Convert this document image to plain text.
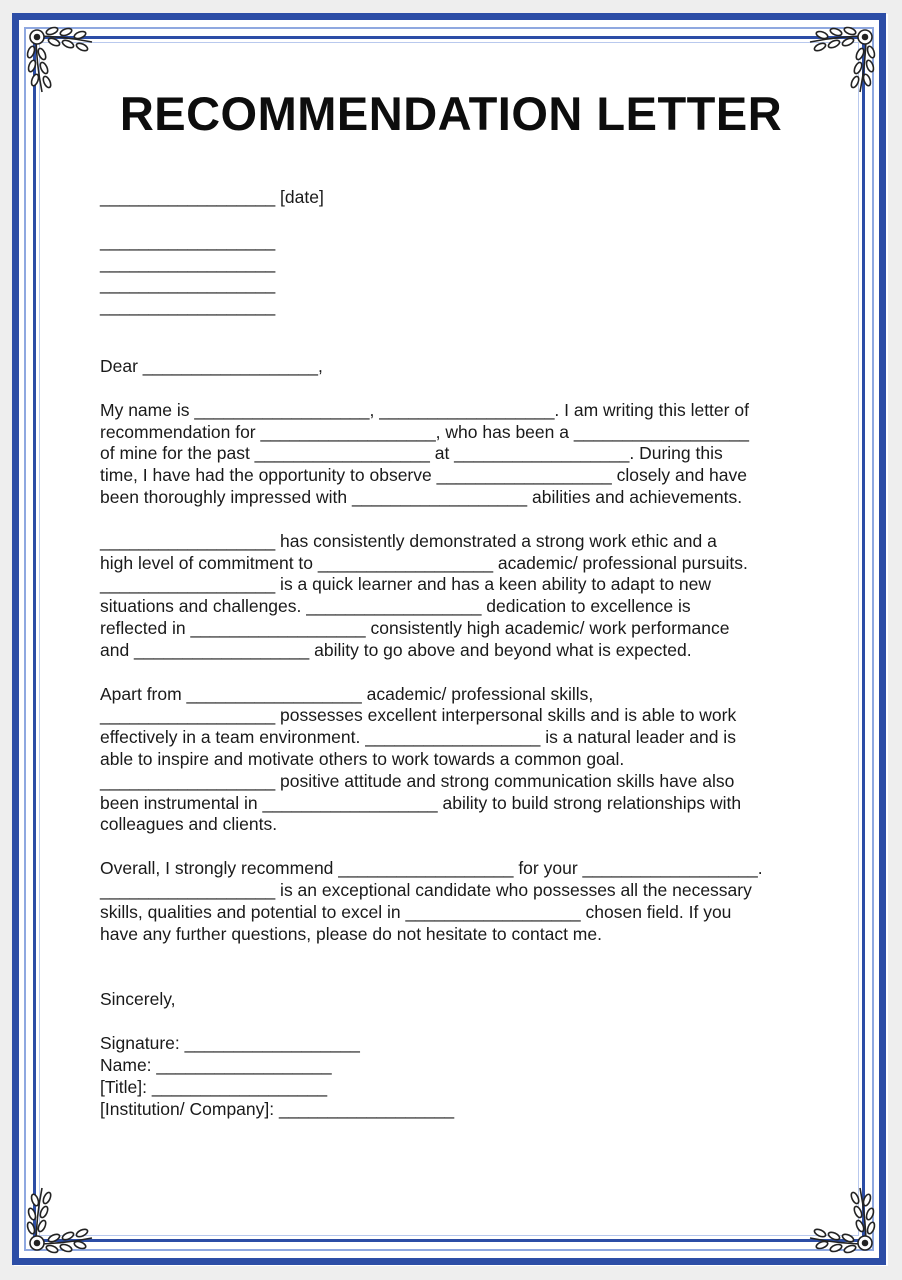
RECOMMENDATION LETTER

__________________ [date]

__________________
__________________
__________________
__________________

Dear __________________,

My name is __________________, __________________. I am writing this letter of
recommendation for __________________, who has been a __________________
of mine for the past __________________ at __________________. During this
time, I have had the opportunity to observe __________________ closely and have
been thoroughly impressed with __________________ abilities and achievements.

__________________ has consistently demonstrated a strong work ethic and a
high level of commitment to __________________ academic/ professional pursuits.
__________________ is a quick learner and has a keen ability to adapt to new
situations and challenges. __________________ dedication to excellence is
reflected in __________________ consistently high academic/ work performance
and __________________ ability to go above and beyond what is expected.

Apart from __________________ academic/ professional skills,
__________________ possesses excellent interpersonal skills and is able to work
effectively in a team environment. __________________ is a natural leader and is
able to inspire and motivate others to work towards a common goal.
__________________ positive attitude and strong communication skills have also
been instrumental in __________________ ability to build strong relationships with
colleagues and clients.

Overall, I strongly recommend __________________ for your __________________.
__________________ is an exceptional candidate who possesses all the necessary
skills, qualities and potential to excel in __________________ chosen field. If you
have any further questions, please do not hesitate to contact me.

Sincerely,

Signature: __________________
Name: __________________
[Title]: __________________
[Institution/ Company]: __________________
